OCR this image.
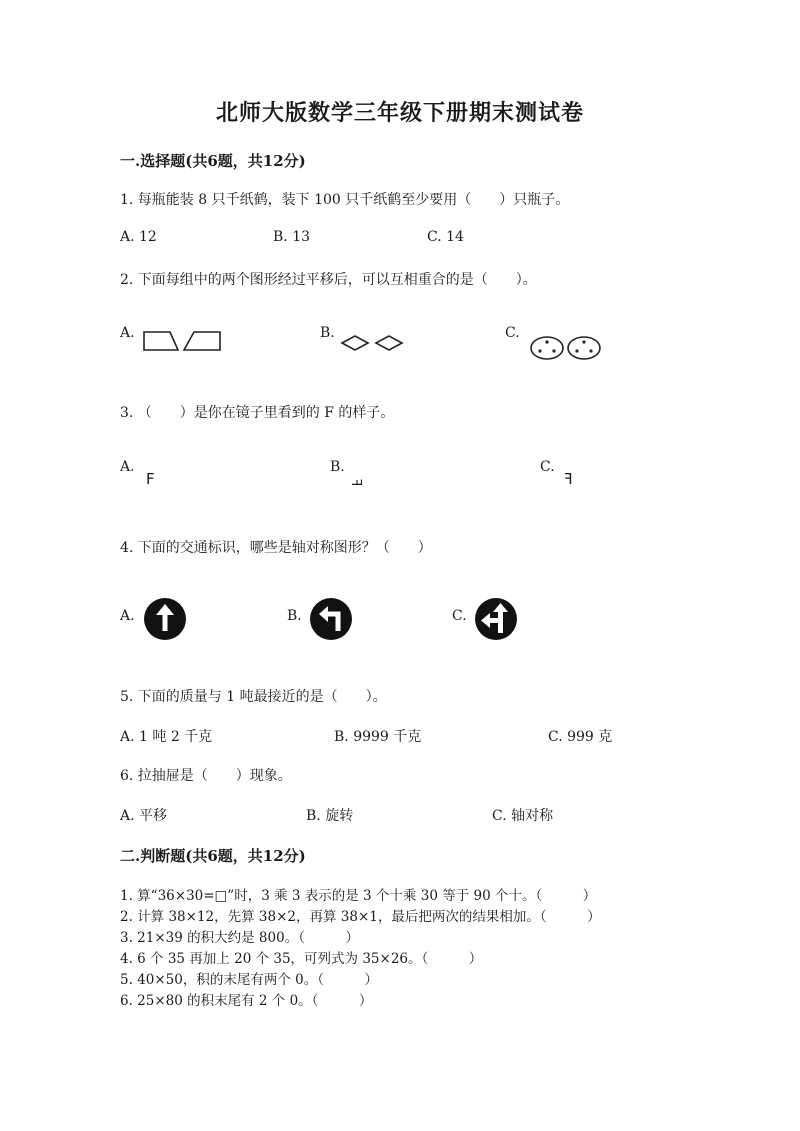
北师大版数学三年级下册期末测试卷
一.选择题(共6题，共12分)
1. 每瓶能装 8 只千纸鹤，装下 100 只千纸鹤至少要用（　　）只瓶子。
A. 12	B. 13	C. 14
2. 下面每组中的两个图形经过平移后，可以互相重合的是（　　）。
A.	B.	C.
3. （　　）是你在镜子里看到的 F 的样子。
A.
F
B.
F
C.
F
4. 下面的交通标识，哪些是轴对称图形？（　　）
A.	B.	C.
5. 下面的质量与 1 吨最接近的是（　　）。
A. 1 吨 2 千克	B. 9999 千克	C. 999 克
6. 拉抽屉是（　　）现象。
A. 平移	B. 旋转	C. 轴对称
二.判断题(共6题，共12分)
1. 算“36×30=□”时，3 乘 3 表示的是 3 个十乘 30 等于 90 个十。（　　　）
2. 计算 38×12，先算 38×2，再算 38×1，最后把两次的结果相加。（　　　）
3. 21×39 的积大约是 800。（　　　）
4. 6 个 35 再加上 20 个 35，可列式为 35×26。（　　　）
5. 40×50，积的末尾有两个 0。（　　　）
6. 25×80 的积末尾有 2 个 0。（　　　）
